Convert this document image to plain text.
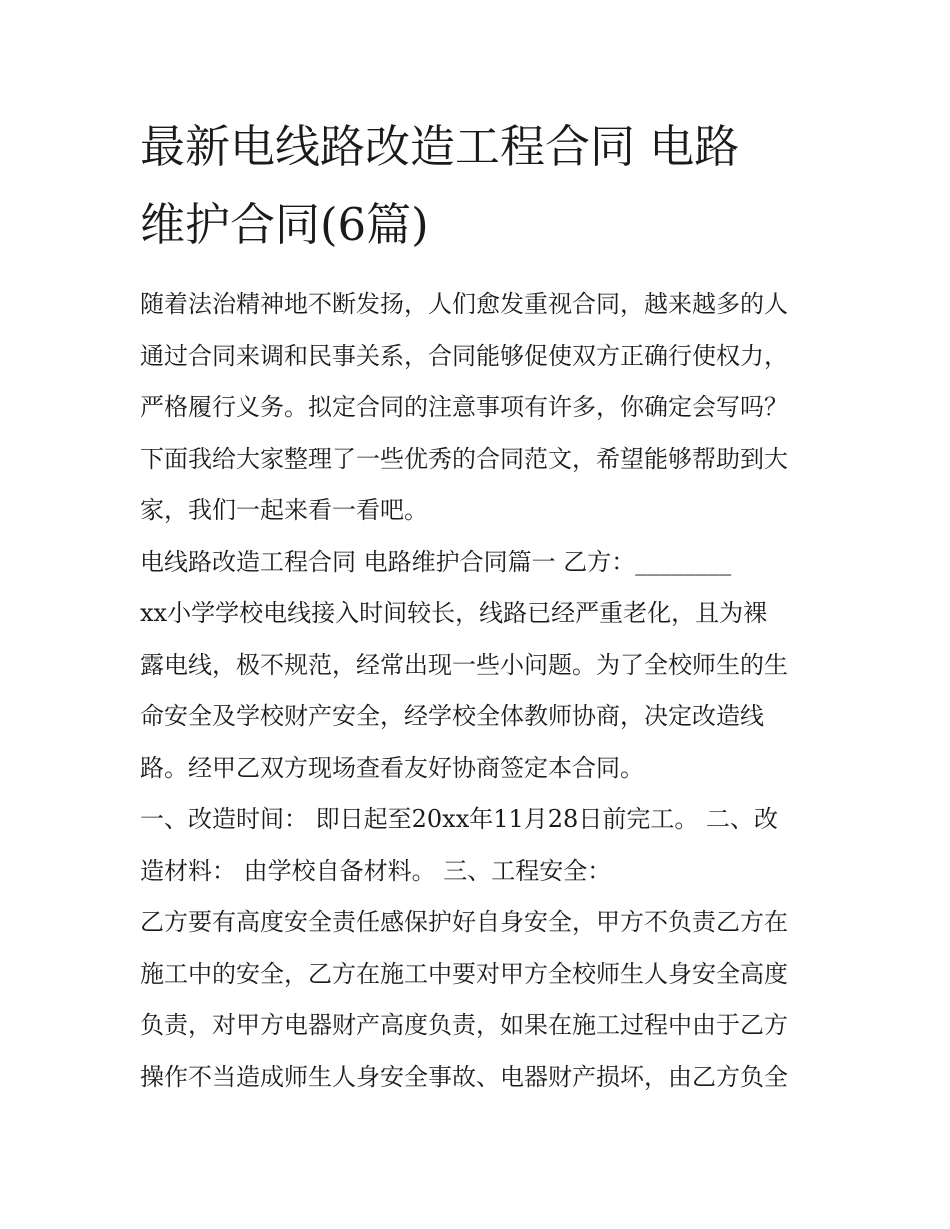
最新电线路改造工程合同 电路
维护合同(6篇)
随着法治精神地不断发扬，人们愈发重视合同，越来越多的人
通过合同来调和民事关系，合同能够促使双方正确行使权力，
严格履行义务。拟定合同的注意事项有许多，你确定会写吗？
下面我给大家整理了一些优秀的合同范文，希望能够帮助到大
家，我们一起来看一看吧。
电线路改造工程合同 电路维护合同篇一 乙方：________
xx小学学校电线接入时间较长，线路已经严重老化，且为裸
露电线，极不规范，经常出现一些小问题。为了全校师生的生
命安全及学校财产安全，经学校全体教师协商，决定改造线
路。经甲乙双方现场查看友好协商签定本合同。
一、改造时间： 即日起至20xx年11月28日前完工。 二、改
造材料： 由学校自备材料。 三、工程安全：
乙方要有高度安全责任感保护好自身安全，甲方不负责乙方在
施工中的安全，乙方在施工中要对甲方全校师生人身安全高度
负责，对甲方电器财产高度负责，如果在施工过程中由于乙方
操作不当造成师生人身安全事故、电器财产损坏，由乙方负全
